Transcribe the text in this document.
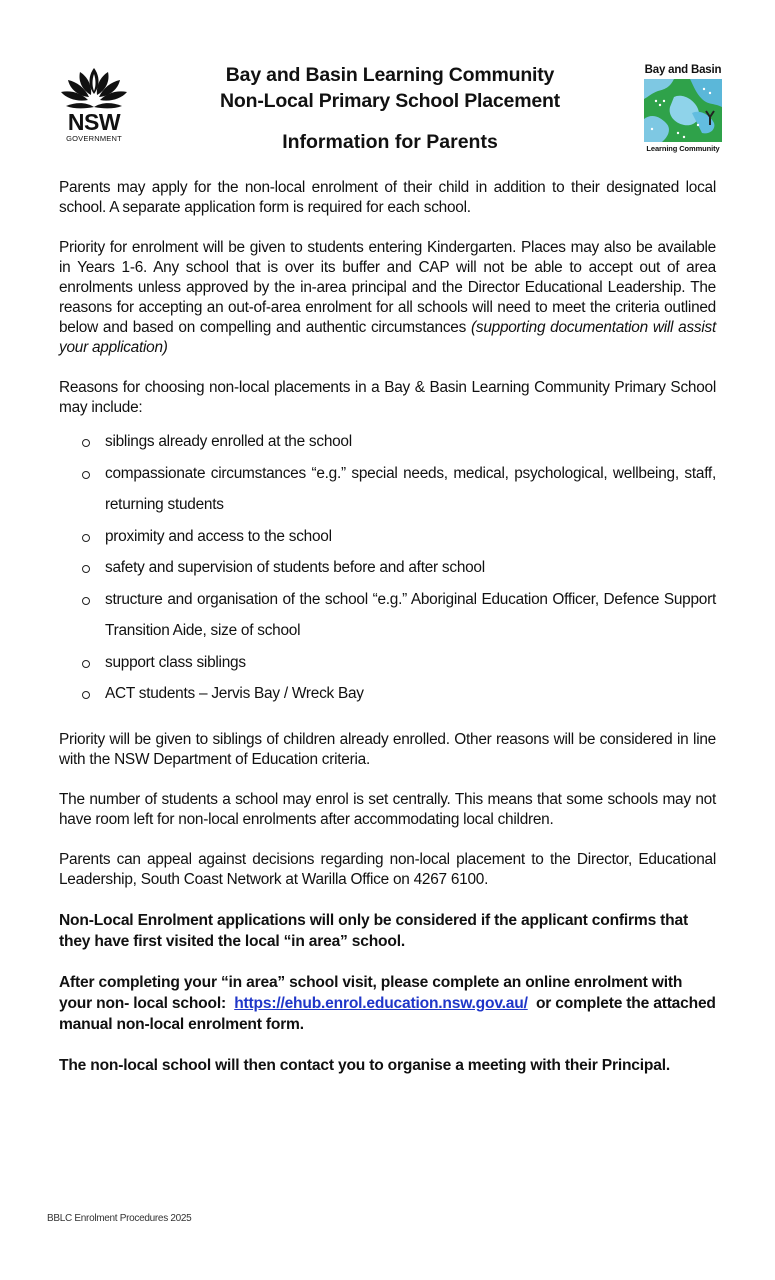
NSW
GOVERNMENT
Bay and Basin Learning Community
Non-Local Primary School Placement
Information for Parents
Bay and Basin
Learning Community

Parents may apply for the non-local enrolment of their child in addition to their designated local school. A separate application form is required for each school.

Priority for enrolment will be given to students entering Kindergarten. Places may also be available in Years 1-6. Any school that is over its buffer and CAP will not be able to accept out of area enrolments unless approved by the in-area principal and the Director Educational Leadership. The reasons for accepting an out-of-area enrolment for all schools will need to meet the criteria outlined below and based on compelling and authentic circumstances (supporting documentation will assist your application)

Reasons for choosing non-local placements in a Bay & Basin Learning Community Primary School may include:

siblings already enrolled at the school
compassionate circumstances “e.g.” special needs, medical, psychological, wellbeing, staff, returning students
proximity and access to the school
safety and supervision of students before and after school
structure and organisation of the school “e.g.” Aboriginal Education Officer, Defence Support Transition Aide, size of school
support class siblings
ACT students – Jervis Bay / Wreck Bay

Priority will be given to siblings of children already enrolled. Other reasons will be considered in line with the NSW Department of Education criteria.

The number of students a school may enrol is set centrally. This means that some schools may not have room left for non-local enrolments after accommodating local children.

Parents can appeal against decisions regarding non-local placement to the Director, Educational Leadership, South Coast Network at Warilla Office on 4267 6100.

Non-Local Enrolment applications will only be considered if the applicant confirms that they have first visited the local “in area” school.

After completing your “in area” school visit, please complete an online enrolment with your non- local school: https://ehub.enrol.education.nsw.gov.au/ or complete the attached manual non-local enrolment form.

The non-local school will then contact you to organise a meeting with their Principal.

BBLC Enrolment Procedures 2025
